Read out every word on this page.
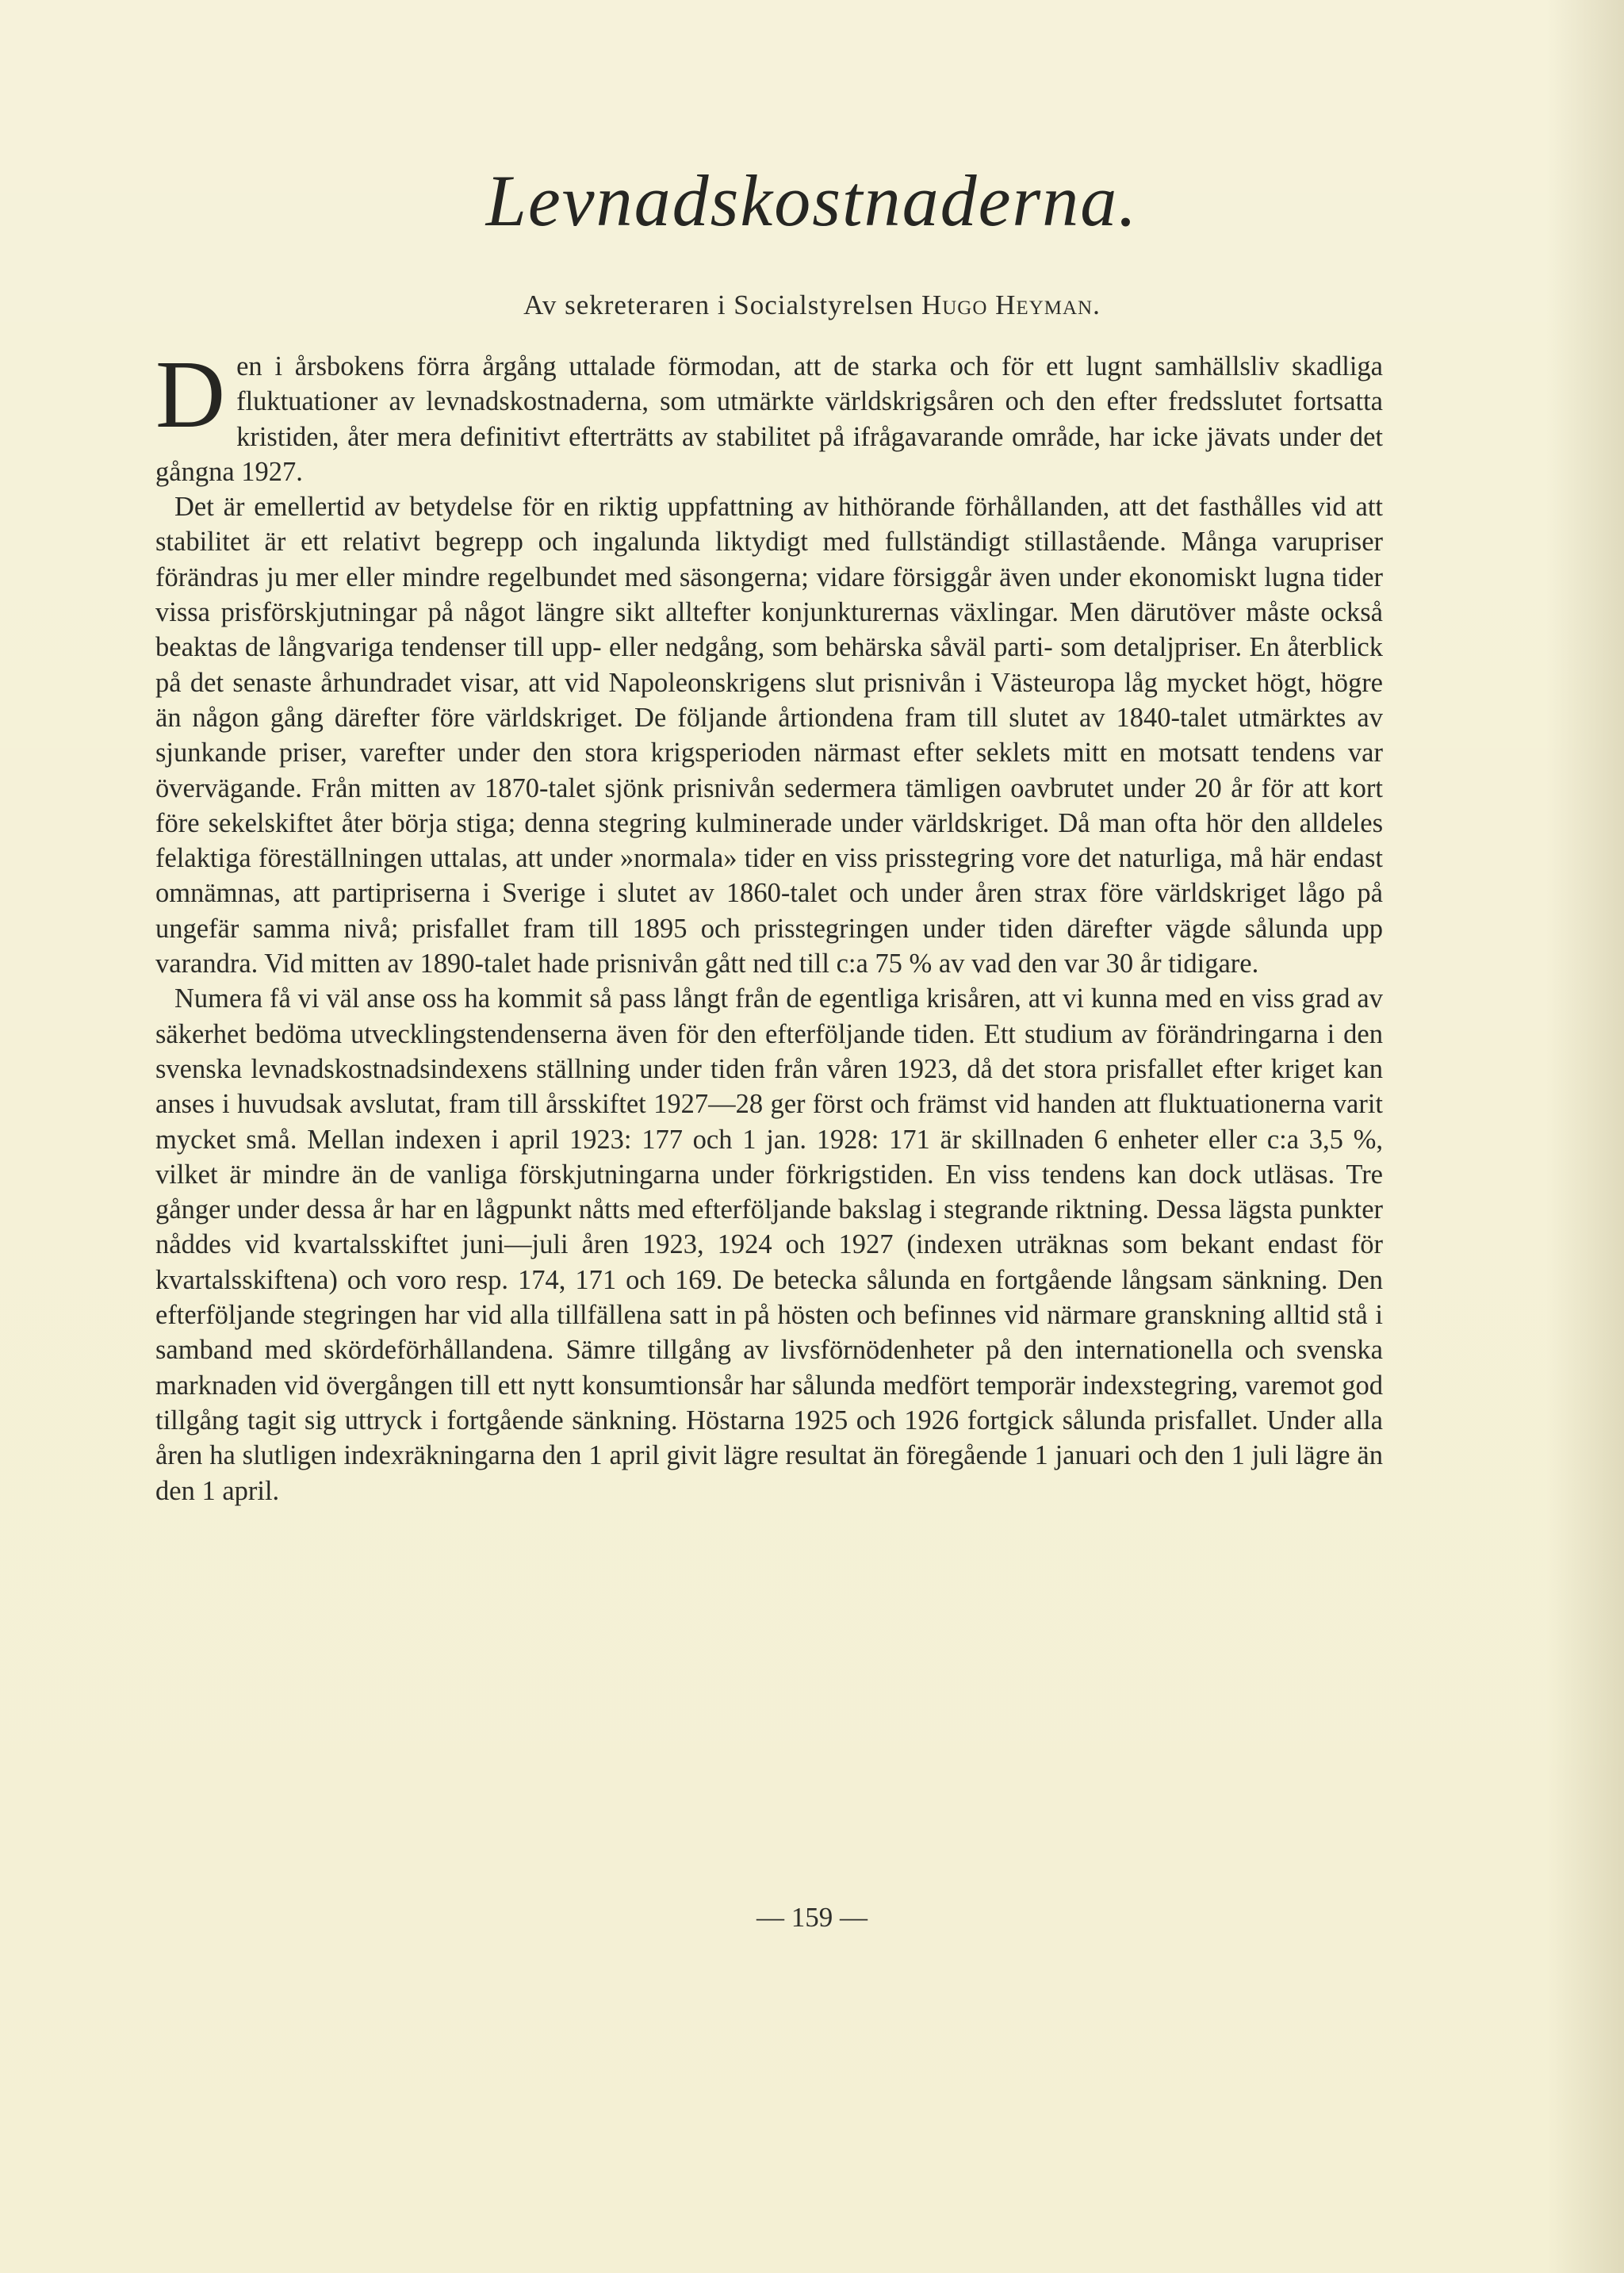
Levnadskostnaderna.
Av sekreteraren i Socialstyrelsen Hugo Heyman.

Den i årsbokens förra årgång uttalade förmodan, att de starka och för ett lugnt samhällsliv skadliga fluktuationer av levnadskostnaderna, som utmärkte världskrigsåren och den efter fredsslutet fortsatta kristiden, åter mera definitivt efterträtts av stabilitet på ifrågavarande område, har icke jävats under det gångna 1927.

Det är emellertid av betydelse för en riktig uppfattning av hithörande förhållanden, att det fasthålles vid att stabilitet är ett relativt begrepp och ingalunda liktydigt med fullständigt stillastående. Många varupriser förändras ju mer eller mindre regelbundet med säsongerna; vidare försiggår även under ekonomiskt lugna tider vissa prisförskjutningar på något längre sikt alltefter konjunkturernas växlingar. Men därutöver måste också beaktas de långvariga tendenser till upp- eller nedgång, som behärska såväl parti- som detaljpriser. En återblick på det senaste århundradet visar, att vid Napoleonskrigens slut prisnivån i Västeuropa låg mycket högt, högre än någon gång därefter före världskriget. De följande årtiondena fram till slutet av 1840-talet utmärktes av sjunkande priser, varefter under den stora krigsperioden närmast efter seklets mitt en motsatt tendens var övervägande. Från mitten av 1870-talet sjönk prisnivån sedermera tämligen oavbrutet under 20 år för att kort före sekelskiftet åter börja stiga; denna stegring kulminerade under världskriget. Då man ofta hör den alldeles felaktiga föreställningen uttalas, att under »normala» tider en viss prisstegring vore det naturliga, må här endast omnämnas, att partipriserna i Sverige i slutet av 1860-talet och under åren strax före världskriget lågo på ungefär samma nivå; prisfallet fram till 1895 och prisstegringen under tiden därefter vägde sålunda upp varandra. Vid mitten av 1890-talet hade prisnivån gått ned till c:a 75 % av vad den var 30 år tidigare.

Numera få vi väl anse oss ha kommit så pass långt från de egentliga krisåren, att vi kunna med en viss grad av säkerhet bedöma utvecklingstendenserna även för den efterföljande tiden. Ett studium av förändringarna i den svenska levnadskostnadsindexens ställning under tiden från våren 1923, då det stora prisfallet efter kriget kan anses i huvudsak avslutat, fram till årsskiftet 1927—28 ger först och främst vid handen att fluktuationerna varit mycket små. Mellan indexen i april 1923: 177 och 1 jan. 1928: 171 är skillnaden 6 enheter eller c:a 3,5 %, vilket är mindre än de vanliga förskjutningarna under förkrigstiden. En viss tendens kan dock utläsas. Tre gånger under dessa år har en lågpunkt nåtts med efterföljande bakslag i stegrande riktning. Dessa lägsta punkter nåddes vid kvartalsskiftet juni—juli åren 1923, 1924 och 1927 (indexen uträknas som bekant endast för kvartalsskiftena) och voro resp. 174, 171 och 169. De betecka sålunda en fortgående långsam sänkning. Den efterföljande stegringen har vid alla tillfällena satt in på hösten och befinnes vid närmare granskning alltid stå i samband med skördeförhållandena. Sämre tillgång av livsförnödenheter på den internationella och svenska marknaden vid övergången till ett nytt konsumtionsår har sålunda medfört temporär indexstegring, varemot god tillgång tagit sig uttryck i fortgående sänkning. Höstarna 1925 och 1926 fortgick sålunda prisfallet. Under alla åren ha slutligen indexräkningarna den 1 april givit lägre resultat än föregående 1 januari och den 1 juli lägre än den 1 april.

— 159 —
